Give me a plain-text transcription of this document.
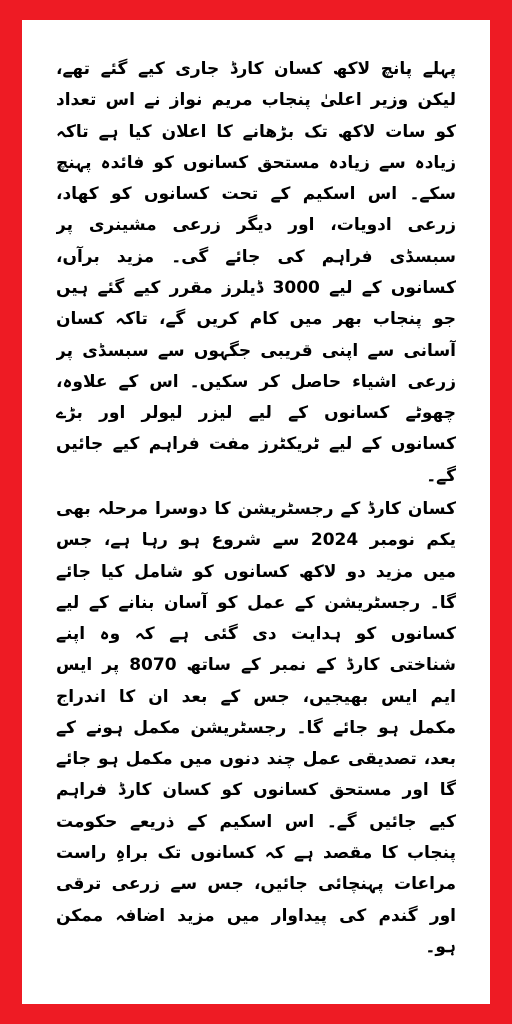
پہلے پانچ لاکھ کسان کارڈ جاری کیے گئے تھے، لیکن وزیر اعلیٰ پنجاب مریم نواز نے اس تعداد کو سات لاکھ تک بڑھانے کا اعلان کیا ہے تاکہ زیادہ سے زیادہ مستحق کسانوں کو فائدہ پہنچ سکے۔ اس اسکیم کے تحت کسانوں کو کھاد، زرعی ادویات، اور دیگر زرعی مشینری پر سبسڈی فراہم کی جائے گی۔ مزید برآں، کسانوں کے لیے 3000 ڈیلرز مقرر کیے گئے ہیں جو پنجاب بھر میں کام کریں گے، تاکہ کسان آسانی سے اپنی قریبی جگہوں سے سبسڈی پر زرعی اشیاء حاصل کر سکیں۔ اس کے علاوہ، چھوٹے کسانوں کے لیے لیزر لیولر اور بڑے کسانوں کے لیے ٹریکٹرز مفت فراہم کیے جائیں گے۔

کسان کارڈ کے رجسٹریشن کا دوسرا مرحلہ بھی یکم نومبر 2024 سے شروع ہو رہا ہے، جس میں مزید دو لاکھ کسانوں کو شامل کیا جائے گا۔ رجسٹریشن کے عمل کو آسان بنانے کے لیے کسانوں کو ہدایت دی گئی ہے کہ وہ اپنے شناختی کارڈ کے نمبر کے ساتھ 8070 پر ایس ایم ایس بھیجیں، جس کے بعد ان کا اندراج مکمل ہو جائے گا۔ رجسٹریشن مکمل ہونے کے بعد، تصدیقی عمل چند دنوں میں مکمل ہو جائے گا اور مستحق کسانوں کو کسان کارڈ فراہم کیے جائیں گے۔ اس اسکیم کے ذریعے حکومت پنجاب کا مقصد ہے کہ کسانوں تک براہِ راست مراعات پہنچائی جائیں، جس سے زرعی ترقی اور گندم کی پیداوار میں مزید اضافہ ممکن ہو۔
